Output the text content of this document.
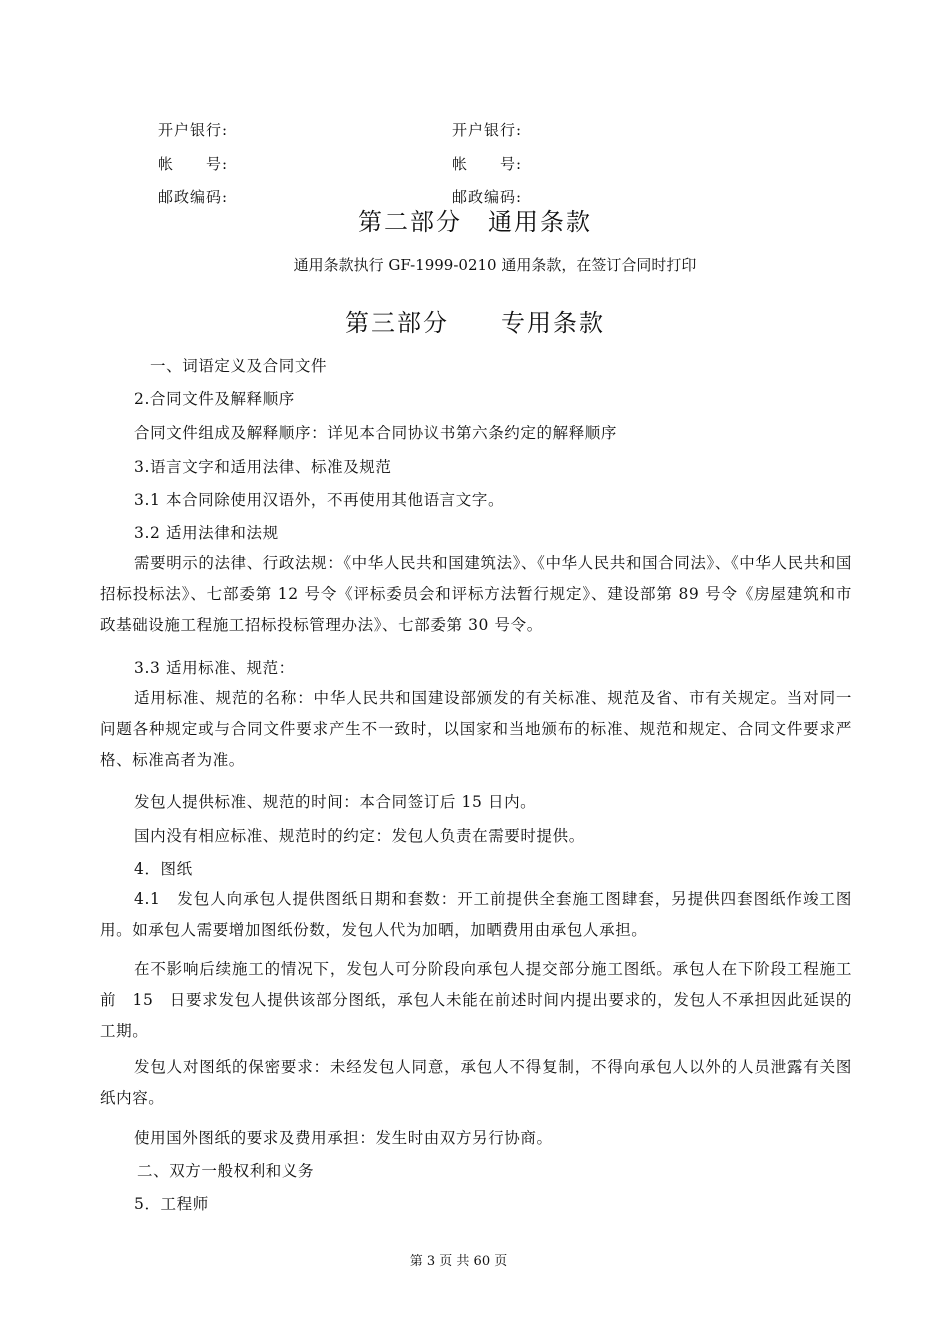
开户银行:	开户银行:
帐　　号:	帐　　号:
邮政编码:	邮政编码:
第二部分　通用条款
通用条款执行 GF-1999-0210 通用条款，在签订合同时打印
第三部分　　专用条款
一、词语定义及合同文件
2.合同文件及解释顺序
合同文件组成及解释顺序：详见本合同协议书第六条约定的解释顺序
3.语言文字和适用法律、标准及规范
3.1 本合同除使用汉语外，不再使用其他语言文字。
3.2 适用法律和法规
需要明示的法律、行政法规：《中华人民共和国建筑法》、《中华人民共和国合同法》、《中华人民共和国招标投标法》、七部委第 12 号令《评标委员会和评标方法暂行规定》、建设部第 89 号令《房屋建筑和市政基础设施工程施工招标投标管理办法》、七部委第 30 号令。
3.3 适用标准、规范：
适用标准、规范的名称：中华人民共和国建设部颁发的有关标准、规范及省、市有关规定。当对同一问题各种规定或与合同文件要求产生不一致时，以国家和当地颁布的标准、规范和规定、合同文件要求严格、标准高者为准。
发包人提供标准、规范的时间：本合同签订后 15 日内。
国内没有相应标准、规范时的约定：发包人负责在需要时提供。
4．图纸
4.1　发包人向承包人提供图纸日期和套数：开工前提供全套施工图肆套，另提供四套图纸作竣工图用。如承包人需要增加图纸份数，发包人代为加晒，加晒费用由承包人承担。
在不影响后续施工的情况下，发包人可分阶段向承包人提交部分施工图纸。承包人在下阶段工程施工前　15　日要求发包人提供该部分图纸，承包人未能在前述时间内提出要求的，发包人不承担因此延误的工期。
发包人对图纸的保密要求：未经发包人同意，承包人不得复制，不得向承包人以外的人员泄露有关图纸内容。
使用国外图纸的要求及费用承担：发生时由双方另行协商。
二、双方一般权利和义务
5．工程师
第 3 页 共 60 页
